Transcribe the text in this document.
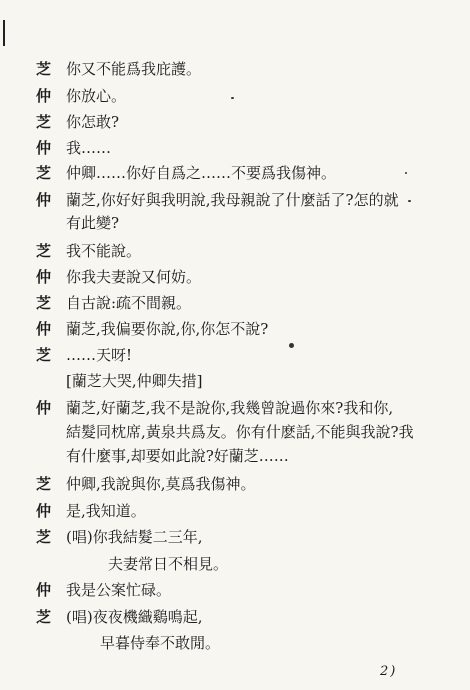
芝 你又不能爲我庇護。
仲 你放心。
芝 你怎敢?
仲 我……
芝 仲卿……你好自爲之……不要爲我傷神。
仲 蘭芝,你好好與我明說,我母親說了什麼話了?怎的就
有此變?
芝 我不能說。
仲 你我夫妻說又何妨。
芝 自古說:疏不間親。
仲 蘭芝,我偏要你說,你,你怎不說?
芝 ……天呀!
[蘭芝大哭,仲卿失措]
仲 蘭芝,好蘭芝,我不是說你,我幾曾說過你來?我和你,
結髮同枕席,黃泉共爲友。你有什麽話,不能與我說?我
有什麼事,却要如此說?好蘭芝……
芝 仲卿,我說與你,莫爲我傷神。
仲 是,我知道。
芝 (唱)你我結髮二三年,
夫妻常日不相見。
仲 我是公案忙碌。
芝 (唱)夜夜機織鷄鳴起,
早暮侍奉不敢閒。
2)
